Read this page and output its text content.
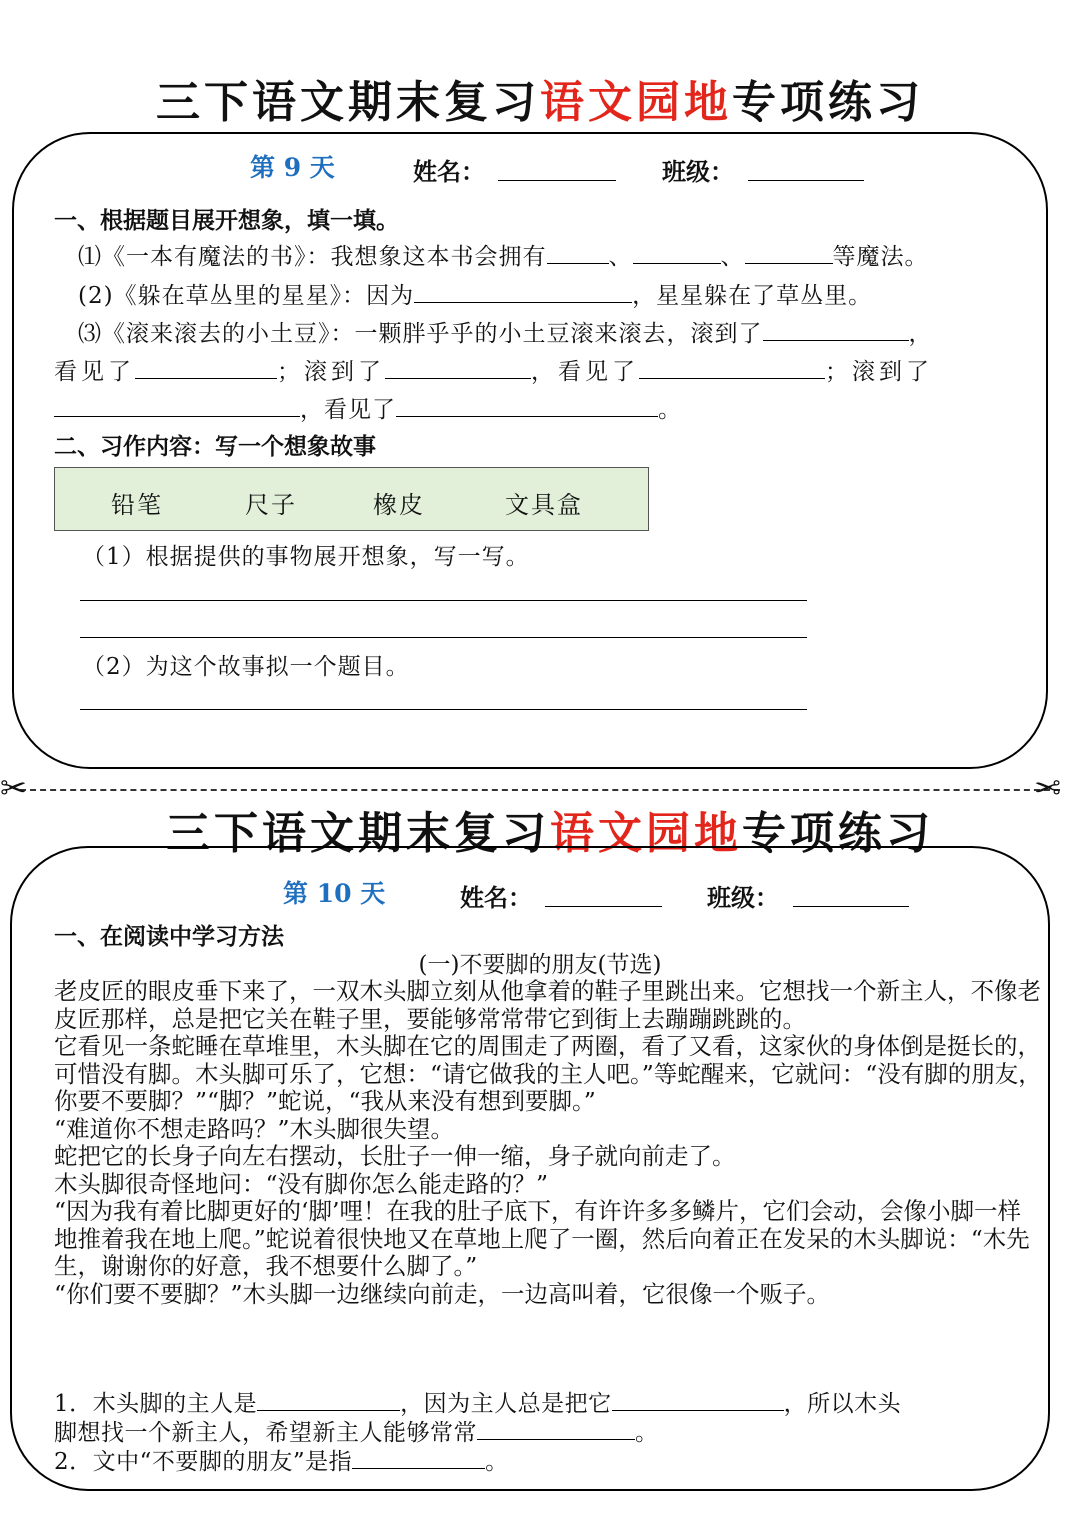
三下语文期末复习语文园地专项练习
第 9 天	姓名：	班级：
一、根据题目展开想象，填一填。
⑴《一本有魔法的书》：我想象这本书会拥有	、	、	等魔法。
(2)《躲在草丛里的星星》：因为	，星星躲在了草丛里。
⑶《滚来滚去的小土豆》：一颗胖乎乎的小土豆滚来滚去，滚到了	，
看见了	；滚到了	，看见了	；滚到了
，看见了	。
二、习作内容：写一个想象故事
铅笔	尺子	橡皮	文具盒
（1）根据提供的事物展开想象，写一写。
（2）为这个故事拟一个题目。
✂	✂
三下语文期末复习语文园地专项练习
第 10 天	姓名：	班级：
一、在阅读中学习方法
(一)不要脚的朋友(节选)

老皮匠的眼皮垂下来了，一双木头脚立刻从他拿着的鞋子里跳出来。它想找一个新主人，不像老皮匠那样，总是把它关在鞋子里，要能够常常带它到街上去蹦蹦跳跳的。

它看见一条蛇睡在草堆里，木头脚在它的周围走了两圈，看了又看，这家伙的身体倒是挺长的，可惜没有脚。木头脚可乐了，它想：“请它做我的主人吧。”等蛇醒来，它就问：“没有脚的朋友，你要不要脚？”“脚？”蛇说，“我从来没有想到要脚。”

“难道你不想走路吗？”木头脚很失望。

蛇把它的长身子向左右摆动，长肚子一伸一缩，身子就向前走了。

木头脚很奇怪地问：“没有脚你怎么能走路的？”

“因为我有着比脚更好的‘脚’哩！在我的肚子底下，有许许多多鳞片，它们会动，会像小脚一样地推着我在地上爬。”蛇说着很快地又在草地上爬了一圈，然后向着正在发呆的木头脚说：“木先生，谢谢你的好意，我不想要什么脚了。”

“你们要不要脚？”木头脚一边继续向前走，一边高叫着，它很像一个贩子。

1．木头脚的主人是	，因为主人总是把它	，所以木头
脚想找一个新主人，希望新主人能够常常	。
2．文中“不要脚的朋友”是指	。
